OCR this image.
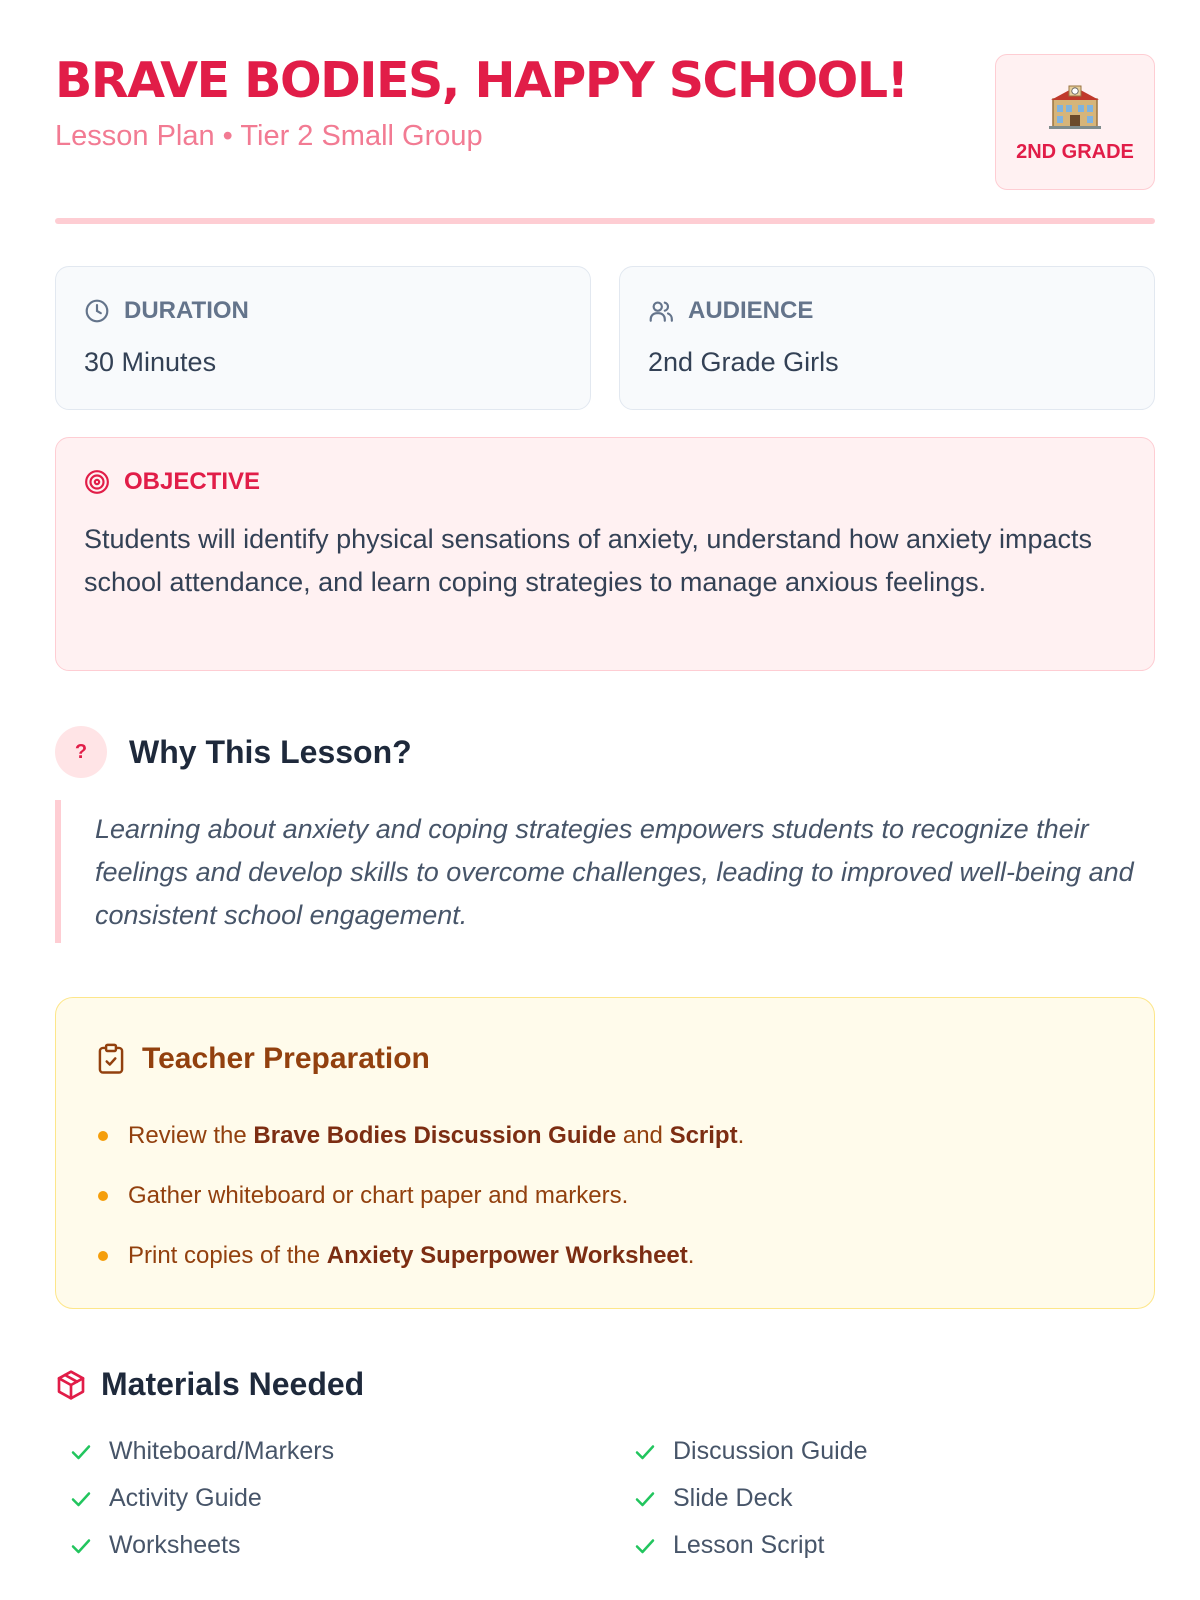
BRAVE BODIES, HAPPY SCHOOL!
Lesson Plan • Tier 2 Small Group	2ND GRADE
DURATION
30 Minutes
AUDIENCE
2nd Grade Girls
OBJECTIVE
Students will identify physical sensations of anxiety, understand how anxiety impacts school attendance, and learn coping strategies to manage anxious feelings.
?	Why This Lesson?
Learning about anxiety and coping strategies empowers students to recognize their feelings and develop skills to overcome challenges, leading to improved well-being and consistent school engagement.
Teacher Preparation
Review the Brave Bodies Discussion Guide and Script.
Gather whiteboard or chart paper and markers.
Print copies of the Anxiety Superpower Worksheet.
Materials Needed
Whiteboard/Markers
Activity Guide
Worksheets
Discussion Guide
Slide Deck
Lesson Script
